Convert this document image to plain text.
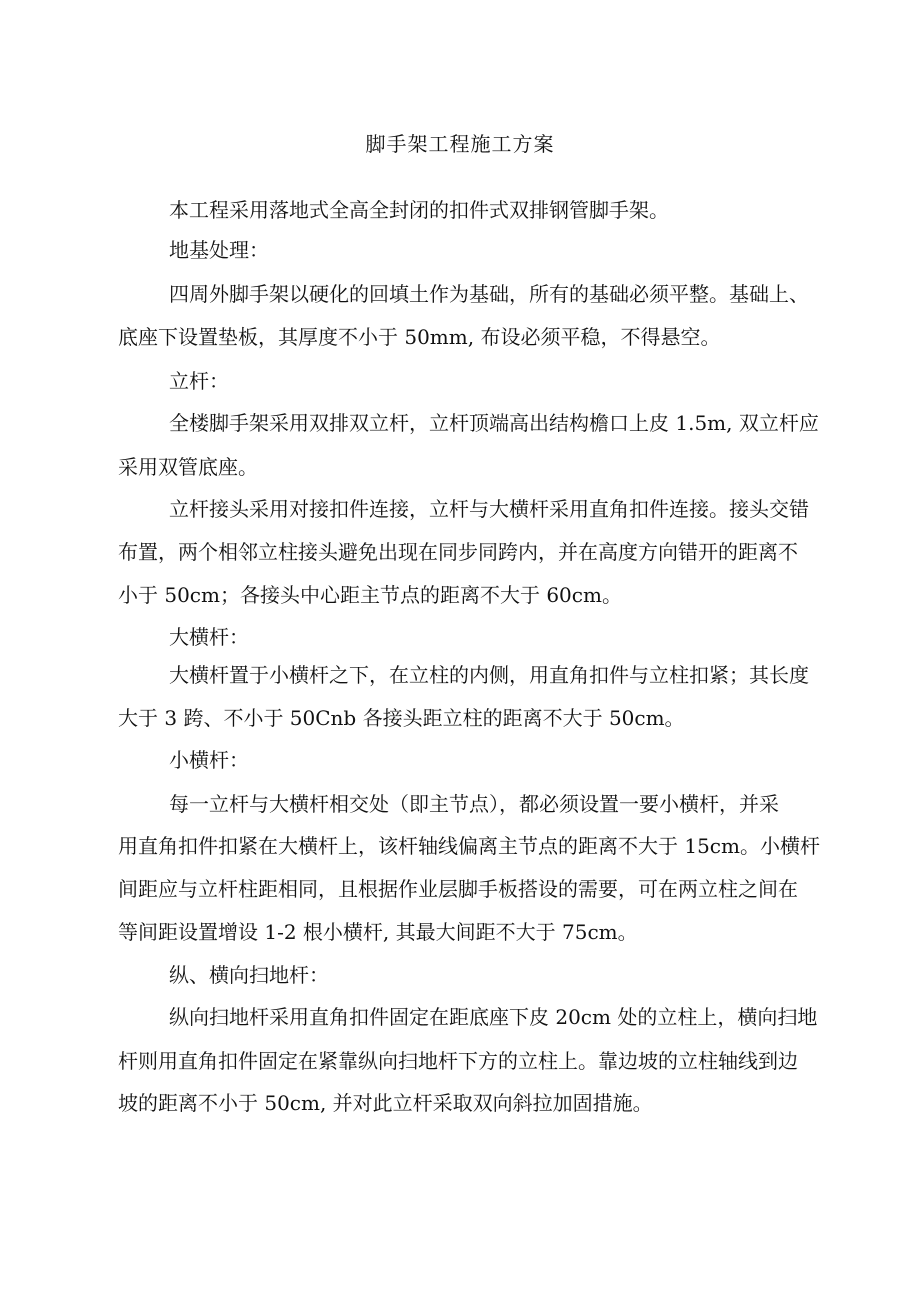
脚手架工程施工方案
本工程采用落地式全高全封闭的扣件式双排钢管脚手架。
地基处理：
四周外脚手架以硬化的回填土作为基础，所有的基础必须平整。基础上、
底座下设置垫板，其厚度不小于 50mm, 布设必须平稳，不得悬空。
立杆：
全楼脚手架采用双排双立杆，立杆顶端高出结构檐口上皮 1.5m, 双立杆应
采用双管底座。
立杆接头采用对接扣件连接，立杆与大横杆采用直角扣件连接。接头交错
布置，两个相邻立柱接头避免出现在同步同跨内，并在高度方向错开的距离不
小于 50cm；各接头中心距主节点的距离不大于 60cm。
大横杆：
大横杆置于小横杆之下，在立柱的内侧，用直角扣件与立柱扣紧；其长度
大于 3 跨、不小于 50Cnb 各接头距立柱的距离不大于 50cm。
小横杆：
每一立杆与大横杆相交处（即主节点），都必须设置一要小横杆，并采
用直角扣件扣紧在大横杆上，该杆轴线偏离主节点的距离不大于 15cm。小横杆
间距应与立杆柱距相同，且根据作业层脚手板搭设的需要，可在两立柱之间在
等间距设置增设 1-2 根小横杆, 其最大间距不大于 75cm。
纵、横向扫地杆：
纵向扫地杆采用直角扣件固定在距底座下皮 20cm 处的立柱上，横向扫地
杆则用直角扣件固定在紧靠纵向扫地杆下方的立柱上。靠边坡的立柱轴线到边
坡的距离不小于 50cm, 并对此立杆采取双向斜拉加固措施。
